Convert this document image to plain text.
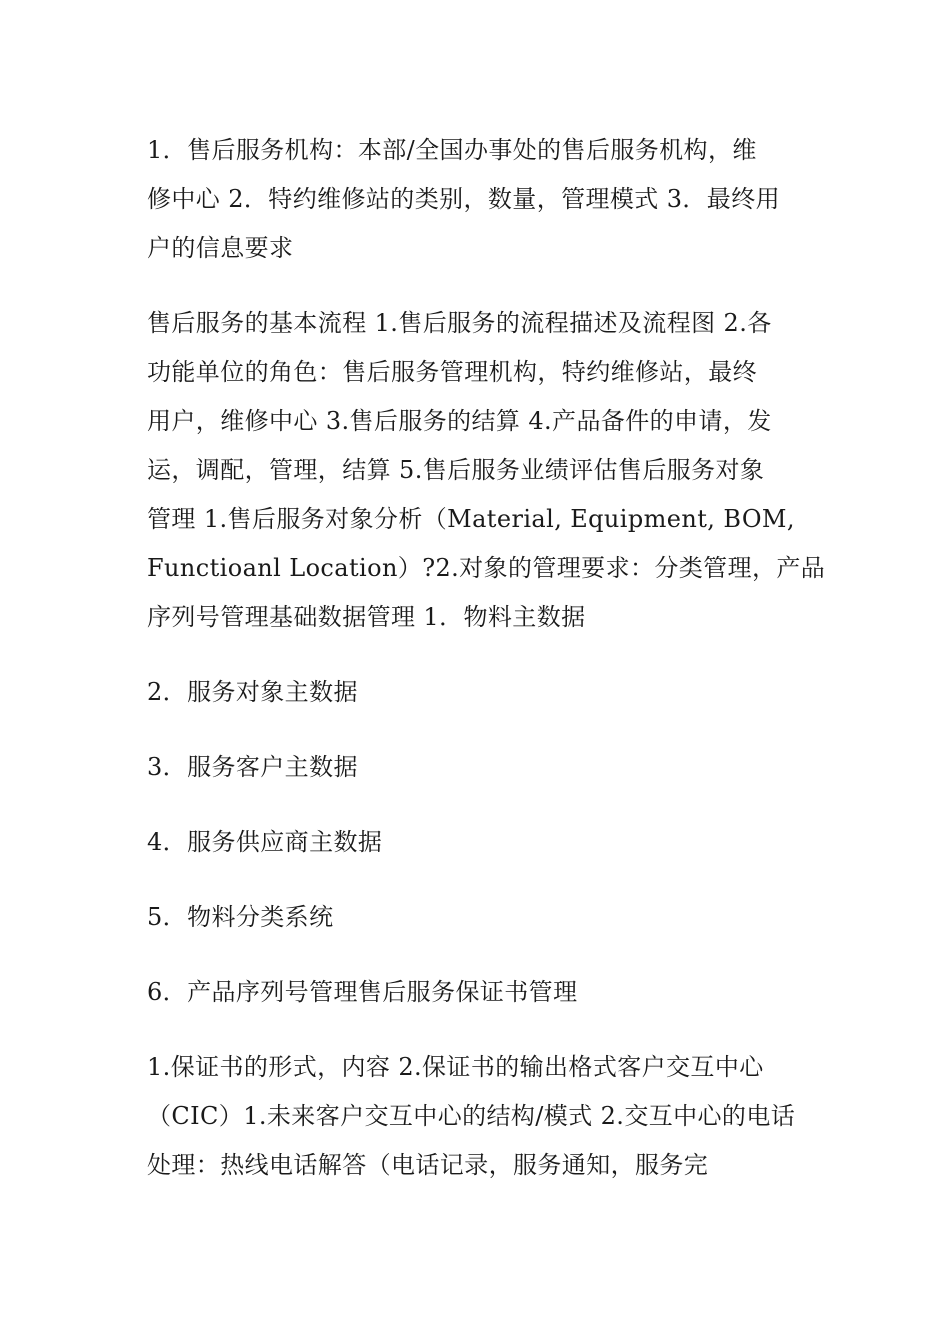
1．售后服务机构：本部/全国办事处的售后服务机构，维
修中心 2．特约维修站的类别，数量，管理模式 3．最终用
户的信息要求

售后服务的基本流程 1.售后服务的流程描述及流程图 2.各
功能单位的角色：售后服务管理机构，特约维修站，最终
用户，维修中心 3.售后服务的结算 4.产品备件的申请，发
运，调配，管理，结算 5.售后服务业绩评估售后服务对象
管理 1.售后服务对象分析（Material, Equipment, BOM,
Functioanl Location）?2.对象的管理要求：分类管理，产品
序列号管理基础数据管理 1．物料主数据

2．服务对象主数据

3．服务客户主数据

4．服务供应商主数据

5．物料分类系统

6．产品序列号管理售后服务保证书管理

1.保证书的形式，内容 2.保证书的输出格式客户交互中心
（CIC）1.未来客户交互中心的结构/模式 2.交互中心的电话
处理：热线电话解答（电话记录，服务通知，服务完
